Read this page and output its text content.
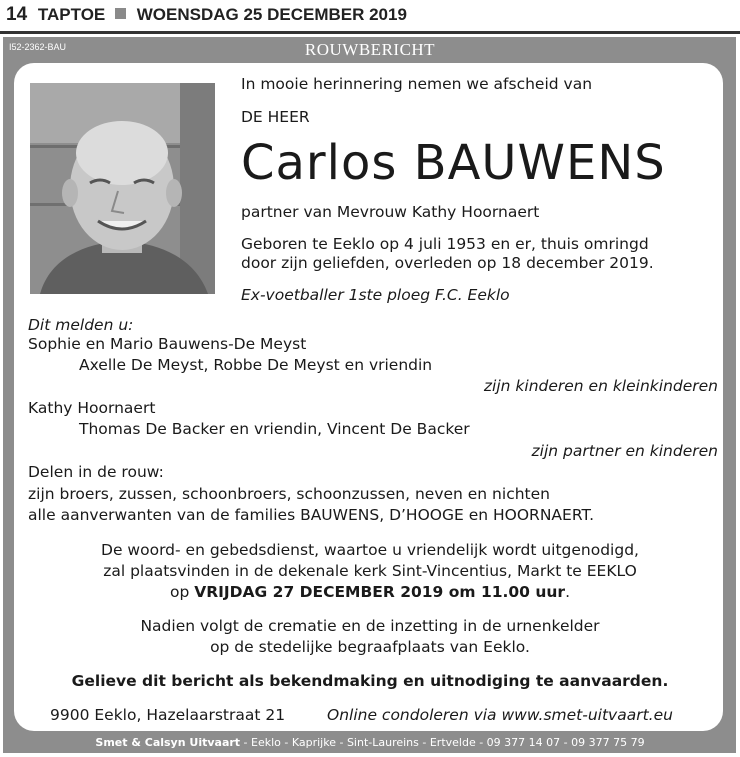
14 TAPTOE WOENSDAG 25 DECEMBER 2019
I52-2362-BAU	ROUWBERICHT
In mooie herinnering nemen we afscheid van
DE HEER
Carlos BAUWENS
partner van Mevrouw Kathy Hoornaert
Geboren te Eeklo op 4 juli 1953 en er, thuis omringd
door zijn geliefden, overleden op 18 december 2019.
Ex-voetballer 1ste ploeg F.C. Eeklo
Dit melden u:
Sophie en Mario Bauwens-De Meyst
Axelle De Meyst, Robbe De Meyst en vriendin
zijn kinderen en kleinkinderen
Kathy Hoornaert
Thomas De Backer en vriendin, Vincent De Backer
zijn partner en kinderen
Delen in de rouw:
zijn broers, zussen, schoonbroers, schoonzussen, neven en nichten
alle aanverwanten van de families BAUWENS, D’HOOGE en HOORNAERT.
De woord- en gebedsdienst, waartoe u vriendelijk wordt uitgenodigd,
zal plaatsvinden in de dekenale kerk Sint-Vincentius, Markt te EEKLO
op VRIJDAG 27 DECEMBER 2019 om 11.00 uur.
Nadien volgt de crematie en de inzetting in de urnenkelder
op de stedelijke begraafplaats van Eeklo.
Gelieve dit bericht als bekendmaking en uitnodiging te aanvaarden.
9900 Eeklo, Hazelaarstraat 21	Online condoleren via www.smet-uitvaart.eu
Smet & Calsyn Uitvaart - Eeklo - Kaprijke - Sint-Laureins - Ertvelde - 09 377 14 07 - 09 377 75 79
